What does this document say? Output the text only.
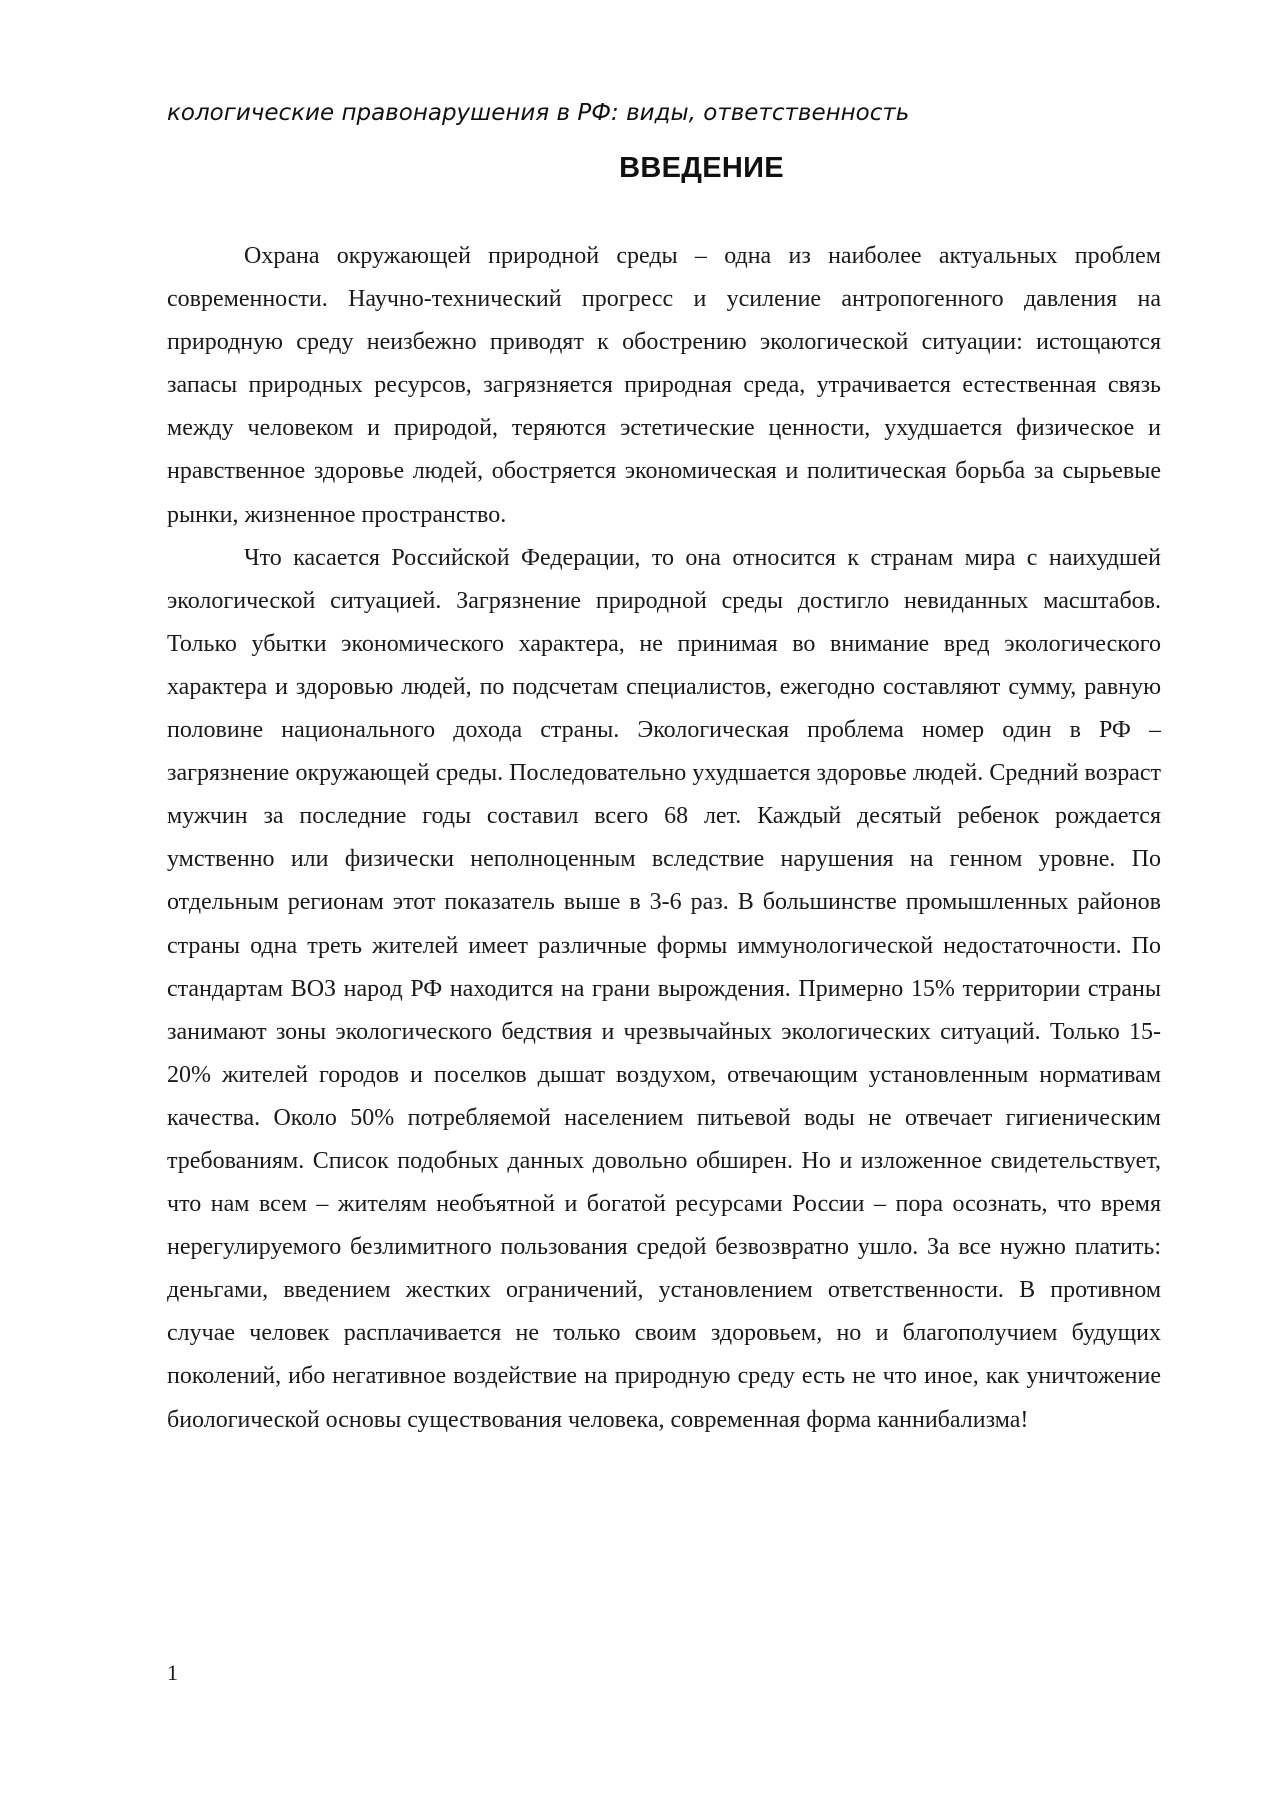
кологические правонарушения в РФ: виды, ответственность
ВВЕДЕНИЕ

Охрана окружающей природной среды – одна из наиболее актуальных проблем современности. Научно-технический прогресс и усиление антропогенного давления на природную среду неизбежно приводят к обострению экологической ситуации: истощаются запасы природных ресурсов, загрязняется природная среда, утрачивается естественная связь между человеком и природой, теряются эстетические ценности, ухудшается физическое и нравственное здоровье людей, обостряется экономическая и политическая борьба за сырьевые рынки, жизненное пространство.

Что касается Российской Федерации, то она относится к странам мира с наихудшей экологической ситуацией. Загрязнение природной среды достигло невиданных масштабов. Только убытки экономического характера, не принимая во внимание вред экологического характера и здоровью людей, по подсчетам специалистов, ежегодно составляют сумму, равную половине национального дохода страны. Экологическая проблема номер один в РФ – загрязнение окружающей среды. Последовательно ухудшается здоровье людей. Средний возраст мужчин за последние годы составил всего 68 лет. Каждый десятый ребенок рождается умственно или физически неполноценным вследствие нарушения на генном уровне. По отдельным регионам этот показатель выше в 3-6 раз. В большинстве промышленных районов страны одна треть жителей имеет различные формы иммунологической недостаточности. По стандартам ВОЗ народ РФ находится на грани вырождения. Примерно 15% территории страны занимают зоны экологического бедствия и чрезвычайных экологических ситуаций. Только 15-20% жителей городов и поселков дышат воздухом, отвечающим установленным нормативам качества. Около 50% потребляемой населением питьевой воды не отвечает гигиеническим требованиям. Список подобных данных довольно обширен. Но и изложенное свидетельствует, что нам всем – жителям необъятной и богатой ресурсами России – пора осознать, что время нерегулируемого безлимитного пользования средой безвозвратно ушло. За все нужно платить: деньгами, введением жестких ограничений, установлением ответственности. В противном случае человек расплачивается не только своим здоровьем, но и благополучием будущих поколений, ибо негативное воздействие на природную среду есть не что иное, как уничтожение биологической основы существования человека, современная форма каннибализма!

1
